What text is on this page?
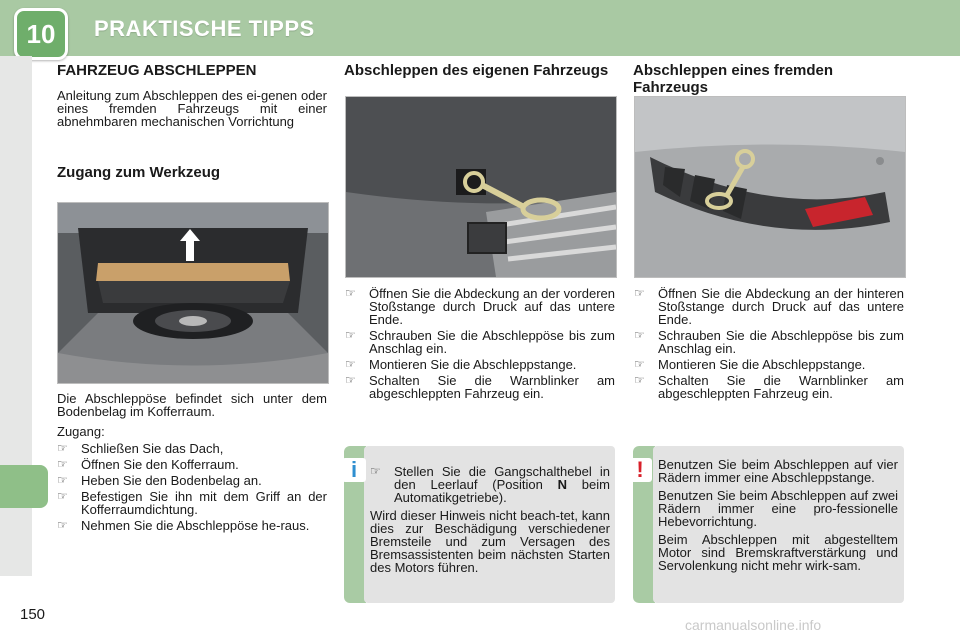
10	PRAKTISCHE TIPPS
FAHRZEUG ABSCHLEPPEN

Anleitung zum Abschleppen des ei-genen oder eines fremden Fahrzeugs mit einer abnehmbaren mechanischen Vorrichtung

Zugang zum Werkzeug

Die Abschleppöse befindet sich unter dem Bodenbelag im Kofferraum.

Zugang:

☞ Schließen Sie das Dach,
☞ Öffnen Sie den Kofferraum.
☞ Heben Sie den Bodenbelag an.
☞ Befestigen Sie ihn mit dem Griff an der Kofferraumdichtung.
☞ Nehmen Sie die Abschleppöse he-raus.
Abschleppen des eigenen Fahrzeugs
☞ Öffnen Sie die Abdeckung an der vorderen Stoßstange durch Druck auf das untere Ende.
☞ Schrauben Sie die Abschleppöse bis zum Anschlag ein.
☞ Montieren Sie die Abschleppstange.
☞ Schalten Sie die Warnblinker am abgeschleppten Fahrzeug ein.
Abschleppen eines fremden Fahrzeugs
☞ Öffnen Sie die Abdeckung an der hinteren Stoßstange durch Druck auf das untere Ende.
☞ Schrauben Sie die Abschleppöse bis zum Anschlag ein.
☞ Montieren Sie die Abschleppstange.
☞ Schalten Sie die Warnblinker am abgeschleppten Fahrzeug ein.
i	☞ Stellen Sie die Gangschalthebel in den Leerlauf (Position N beim Automatikgetriebe).

Wird dieser Hinweis nicht beach-tet, kann dies zur Beschädigung verschiedener Bremsteile und zum Versagen des Bremsassistenten beim nächsten Starten des Motors führen.

!	Benutzen Sie beim Abschleppen auf vier Rädern immer eine Abschleppstange.

Benutzen Sie beim Abschleppen auf zwei Rädern immer eine pro-fessionelle Hebevorrichtung.

Beim Abschleppen mit abgestelltem Motor sind Bremskraftverstärkung und Servolenkung nicht mehr wirk-sam.

150
carmanualsonline.info
